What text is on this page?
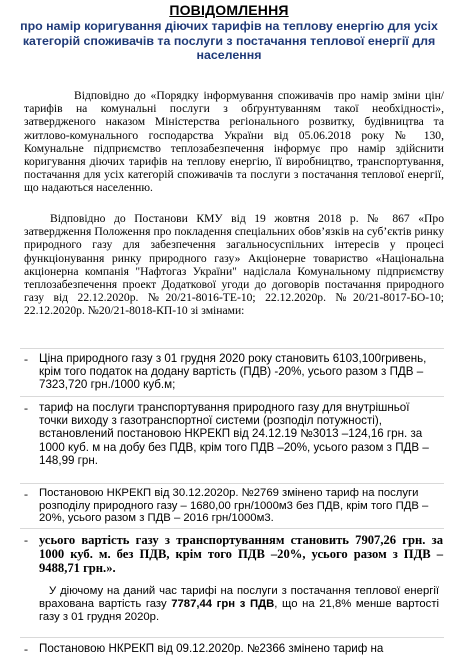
ПОВІДОМЛЕННЯ
про намір коригування діючих тарифів на теплову енергію для усіх категорій споживачів та послуги з постачання теплової енергії для населення
Відповідно до «Порядку інформування споживачів про намір зміни цін/тарифів на комунальні послуги з обґрунтуванням такої необхідності», затвердженого наказом Міністерства регіонального розвитку, будівництва та житлово-комунального господарства України від 05.06.2018 року № 130, Комунальне підприємство теплозабезпечення інформує про намір здійснити коригування діючих тарифів на теплову енергію, її виробництво, транспортування, постачання для усіх категорій споживачів та послуги з постачання теплової енергії, що надаються населенню.
Відповідно до Постанови КМУ від 19 жовтня 2018 р. № 867 «Про затвердження Положення про покладення спеціальних обов’язків на суб’єктів ринку природного газу для забезпечення загальносуспільних інтересів у процесі функціонування ринку природного газу» Акціонерне товариство «Національна акціонерна компанія "Нафтогаз України" надіслала Комунальному підприємству теплозабезпечення проект Додаткової угоди до договорів постачання природного газу від 22.12.2020р. №20/21-8016-ТЕ-10; 22.12.2020р. №20/21-8017-БО-10; 22.12.2020р. №20/21-8018-КП-10 зі змінами:
- Ціна природного газу з 01 грудня 2020 року становить 6103,100гривень, крім того податок на додану вартість (ПДВ) -20%, усього разом з ПДВ –7323,720 грн./1000 куб.м;
- тариф на послуги транспортування природного газу для внутрішньої точки виходу з газотранспортної системи (розподіл потужності), встановлений постановою НКРЕКП від 24.12.19 №3013 –124,16 грн. за 1000 куб. м на добу без ПДВ, крім того ПДВ –20%, усього разом з ПДВ –148,99 грн.
- Постановою НКРЕКП від 30.12.2020р. №2769 змінено тариф на послуги розподілу природного газу – 1680,00 грн/1000м3 без ПДВ, крім того ПДВ – 20%, усього разом з ПДВ – 2016 грн/1000м3.
- усього вартість газу з транспортуванням становить 7907,26 грн. за 1000 куб. м. без ПДВ, крім того ПДВ –20%, усього разом з ПДВ –9488,71 грн.».
У діючому на даний час тарифі на послуги з постачання теплової енергії врахована вартість газу 7787,44 грн з ПДВ, що на 21,8% менше вартості газу з 01 грудня 2020р.
- Постановою НКРЕКП від 09.12.2020р. №2366 змінено тариф на
